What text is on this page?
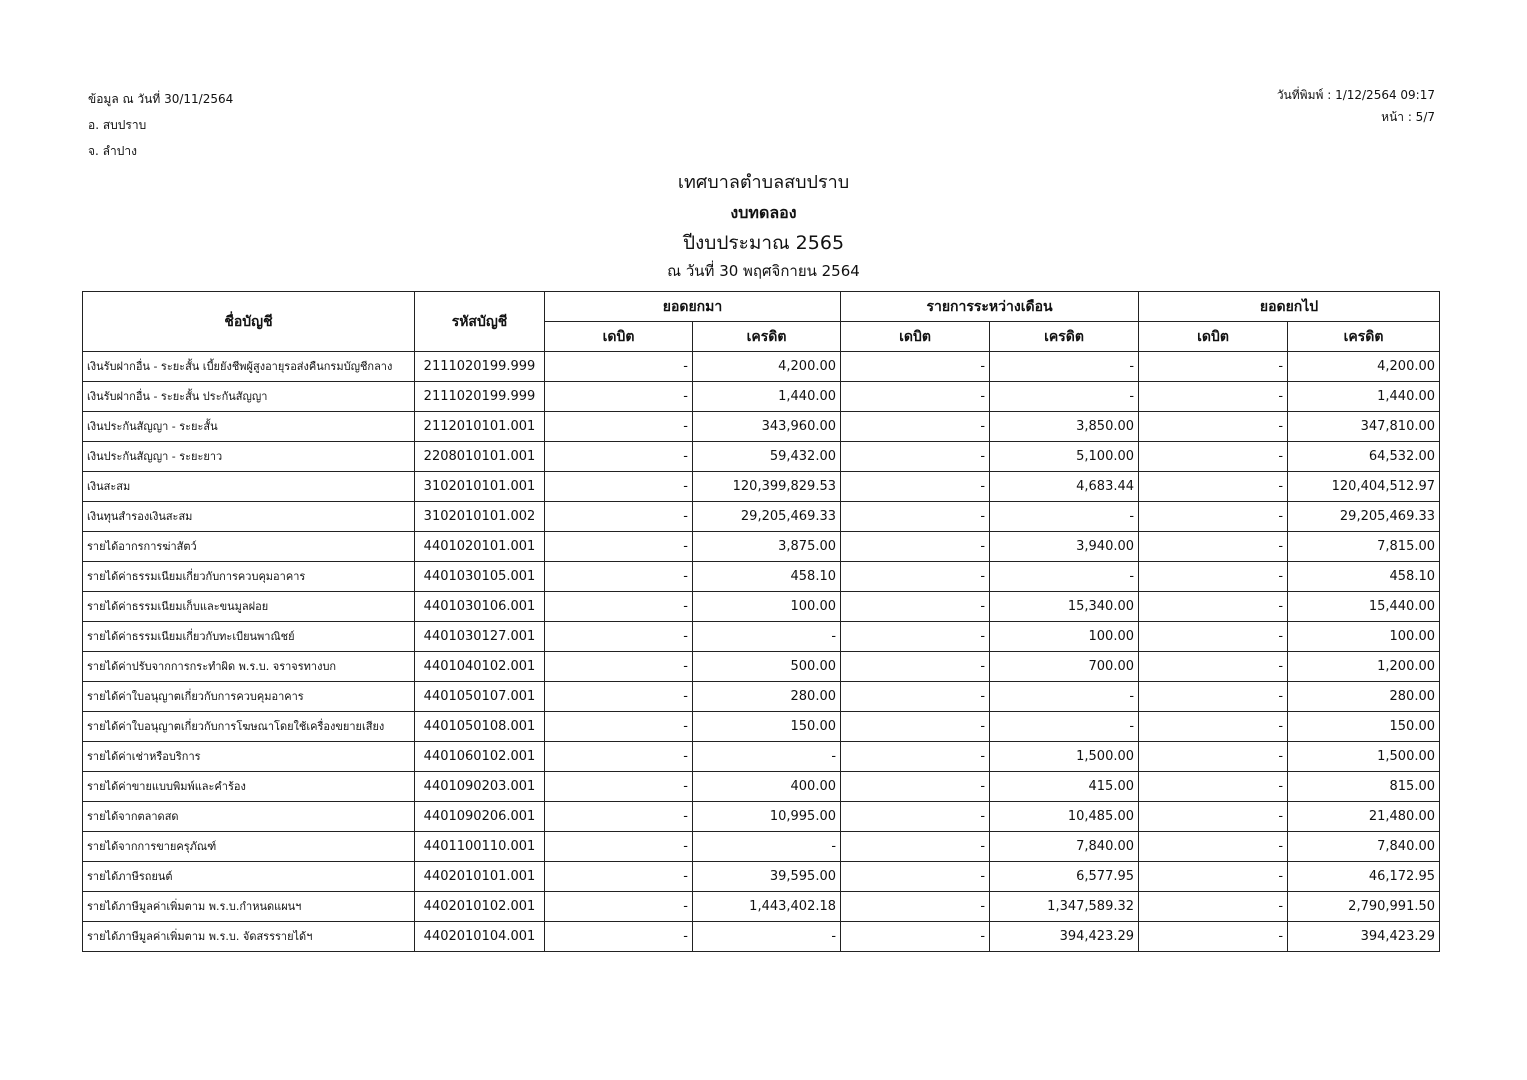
ข้อมูล ณ วันที่ 30/11/2564
อ. สบปราบ
จ. ลำปาง
วันที่พิมพ์ : 1/12/2564 09:17
หน้า : 5/7
เทศบาลตำบลสบปราบ
งบทดลอง
ปีงบประมาณ 2565
ณ วันที่ 30 พฤศจิกายน 2564
ชื่อบัญชี	รหัสบัญชี	ยอดยกมา		รายการระหว่างเดือน		ยอดยกไป	
		เดบิต	เครดิต	เดบิต	เครดิต	เดบิต	เครดิต
เงินรับฝากอื่น - ระยะสั้น เบี้ยยังชีพผู้สูงอายุรอส่งคืนกรมบัญชีกลาง	2111020199.999	-	4,200.00	-	-	-	4,200.00
เงินรับฝากอื่น - ระยะสั้น ประกันสัญญา	2111020199.999	-	1,440.00	-	-	-	1,440.00
เงินประกันสัญญา - ระยะสั้น	2112010101.001	-	343,960.00	-	3,850.00	-	347,810.00
เงินประกันสัญญา - ระยะยาว	2208010101.001	-	59,432.00	-	5,100.00	-	64,532.00
เงินสะสม	3102010101.001	-	120,399,829.53	-	4,683.44	-	120,404,512.97
เงินทุนสำรองเงินสะสม	3102010101.002	-	29,205,469.33	-	-	-	29,205,469.33
รายได้อากรการฆ่าสัตว์	4401020101.001	-	3,875.00	-	3,940.00	-	7,815.00
รายได้ค่าธรรมเนียมเกี่ยวกับการควบคุมอาคาร	4401030105.001	-	458.10	-	-	-	458.10
รายได้ค่าธรรมเนียมเก็บและขนมูลฝอย	4401030106.001	-	100.00	-	15,340.00	-	15,440.00
รายได้ค่าธรรมเนียมเกี่ยวกับทะเบียนพาณิชย์	4401030127.001	-	-	-	100.00	-	100.00
รายได้ค่าปรับจากการกระทำผิด พ.ร.บ. จราจรทางบก	4401040102.001	-	500.00	-	700.00	-	1,200.00
รายได้ค่าใบอนุญาตเกี่ยวกับการควบคุมอาคาร	4401050107.001	-	280.00	-	-	-	280.00
รายได้ค่าใบอนุญาตเกี่ยวกับการโฆษณาโดยใช้เครื่องขยายเสียง	4401050108.001	-	150.00	-	-	-	150.00
รายได้ค่าเช่าหรือบริการ	4401060102.001	-	-	-	1,500.00	-	1,500.00
รายได้ค่าขายแบบพิมพ์และคำร้อง	4401090203.001	-	400.00	-	415.00	-	815.00
รายได้จากตลาดสด	4401090206.001	-	10,995.00	-	10,485.00	-	21,480.00
รายได้จากการขายครุภัณฑ์	4401100110.001	-	-	-	7,840.00	-	7,840.00
รายได้ภาษีรถยนต์	4402010101.001	-	39,595.00	-	6,577.95	-	46,172.95
รายได้ภาษีมูลค่าเพิ่มตาม พ.ร.บ.กำหนดแผนฯ	4402010102.001	-	1,443,402.18	-	1,347,589.32	-	2,790,991.50
รายได้ภาษีมูลค่าเพิ่มตาม พ.ร.บ. จัดสรรรายได้ฯ	4402010104.001	-	-	-	394,423.29	-	394,423.29
